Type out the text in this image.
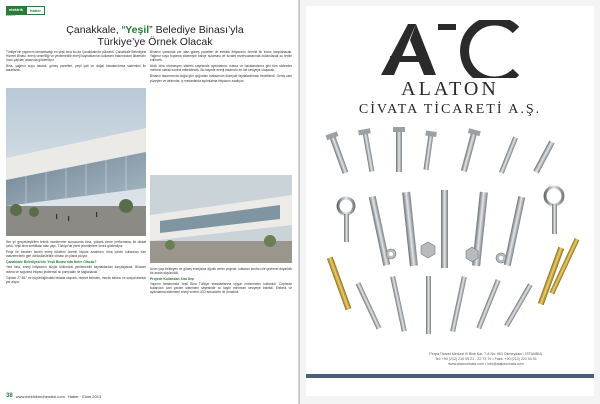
elektrik	haber
elektrik
Çanakkale, “Yeşil” Belediye Binası’yla
Türkiye’ye Örnek Olacak

Türkiye'nin yapımını tamamladığı en yeşil bina bu da Çanakkale'de yükseldi. Çanakkale Belediyesi Hizmet Binası, enerji verimliliği ve yenilenebilir enerji kaynaklarının kullanımı bakımından ülkemizin öncü yapıları arasında gösteriliyor.

Bina, yağmur suyu hasadı, güneş panelleri, yeşil çatı ve doğal havalandırma sistemleri ile tasarlandı.

Her yıl gerçekleştirilen teknik incelemeler sonucunda bina, yüksek çevre performansı ile dikkat çekti. Yeşil bina sertifikası alan yapı, Türkiye'de yerel yönetimlere örnek gösteriliyor.

Proje ile beraber kentin enerji tüketimi önemli ölçüde azalırken, bina içinde kullanılan tüm malzemelerin geri dönüştürülebilir olması ön plana çıkıyor.

Çanakkale Belediyesi'nin Yeşil Binası'nda Neler Olacak?

Yeni bina, enerji ihtiyacının büyük bölümünü yenilenebilir kaynaklardan karşılayacak. Binanın ısıtma ve soğutma ihtiyacı jeotermal ısı pompaları ile sağlanacak.

Toplam 27.657 m² büyüklüğündeki binada otopark, hizmet birimleri, meclis salonu ve sosyal alanlar yer alıyor.

Binanın çatısında yer alan güneş panelleri ile elektrik ihtiyacının önemli bir kısmı karşılanacak. Yağmur suyu toplama sistemiyle bahçe sulaması ve tuvalet rezervuarlarında kullanılacak su temin edilecek.

Akıllı bina otomasyon sistemi sayesinde aydınlatma, ısıtma ve havalandırma gibi tüm sistemler merkezi olarak kontrol edilebilecek. Bu sayede enerji tasarrufu en üst seviyeye ulaşacak.

Binanın tasarımında doğal gün ışığından maksimum düzeyde faydalanılması hedeflendi. Geniş cam yüzeyler ve atriumlar, iç mekanlarda aydınlatma ihtiyacını azaltıyor.

Uzun yapı bekleyen ve güneş enerjisine ağırlık veren projede, kullanıcı konforu ile çevresel duyarlılık bir arada düşünüldü.

Projede Kullanılan Sıra Dışı

Yapının tamamında Yeşil Bina Türkiye standartlarına uygun malzemeler kullanıldı. Cephede kullanılan özel yalıtım sistemleri sayesinde ısı kaybı minimum seviyeye indirildi. Elektrik ve aydınlatma sistemleri enerji verimli LED armatürler ile donatıldı.

38 www.elektrikmuhendisi.com Haber · Ekim 2013
ALATON
CİVATA TİCARETİ A.Ş.
Perpa Ticaret Merkezi B Blok Kat. 7-8 No: 963 Okmeydanı / İSTANBUL
Tel: +90 (212) 210 05 21 - 22 73 79 • Faks: +90 (212) 221 04 51
www.alatoncivata.com • info@alatoncivata.com
